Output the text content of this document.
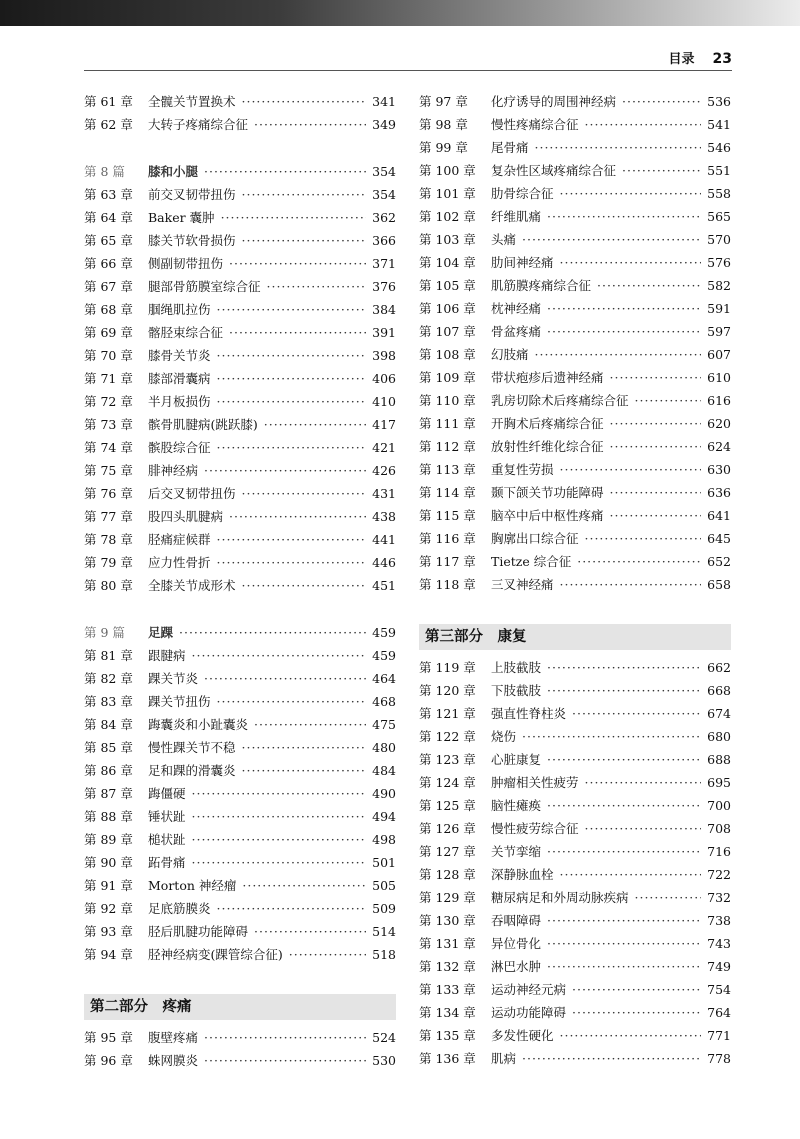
目录 23
第 61 章	全髋关节置换术 ·····	341
第 62 章	大转子疼痛综合征 ·····	349
第 8 篇	膝和小腿 ·····	354
第 63 章	前交叉韧带扭伤 ·····	354
第 64 章	Baker 囊肿 ·····	362
第 65 章	膝关节软骨损伤 ·····	366
第 66 章	侧副韧带扭伤 ·····	371
第 67 章	腿部骨筋膜室综合征 ·····	376
第 68 章	腘绳肌拉伤 ·····	384
第 69 章	髂胫束综合征 ·····	391
第 70 章	膝骨关节炎 ·····	398
第 71 章	膝部滑囊病 ·····	406
第 72 章	半月板损伤 ·····	410
第 73 章	髌骨肌腱病(跳跃膝) ·····	417
第 74 章	髌股综合征 ·····	421
第 75 章	腓神经病 ·····	426
第 76 章	后交叉韧带扭伤 ·····	431
第 77 章	股四头肌腱病 ·····	438
第 78 章	胫痛症候群 ·····	441
第 79 章	应力性骨折 ·····	446
第 80 章	全膝关节成形术 ·····	451
第 9 篇	足踝 ·····	459
第 81 章	跟腱病 ·····	459
第 82 章	踝关节炎 ·····	464
第 83 章	踝关节扭伤 ·····	468
第 84 章	踇囊炎和小趾囊炎 ·····	475
第 85 章	慢性踝关节不稳 ·····	480
第 86 章	足和踝的滑囊炎 ·····	484
第 87 章	踇僵硬 ·····	490
第 88 章	锤状趾 ·····	494
第 89 章	槌状趾 ·····	498
第 90 章	跖骨痛 ·····	501
第 91 章	Morton 神经瘤 ·····	505
第 92 章	足底筋膜炎 ·····	509
第 93 章	胫后肌腱功能障碍 ·····	514
第 94 章	胫神经病变(踝管综合征) ·····	518
第二部分　疼痛
第 95 章	腹壁疼痛 ·····	524
第 96 章	蛛网膜炎 ·····	530
第 97 章	化疗诱导的周围神经病 ·····	536
第 98 章	慢性疼痛综合征 ·····	541
第 99 章	尾骨痛 ·····	546
第 100 章	复杂性区域疼痛综合征 ·····	551
第 101 章	肋骨综合征 ·····	558
第 102 章	纤维肌痛 ·····	565
第 103 章	头痛 ·····	570
第 104 章	肋间神经痛 ·····	576
第 105 章	肌筋膜疼痛综合征 ·····	582
第 106 章	枕神经痛 ·····	591
第 107 章	骨盆疼痛 ·····	597
第 108 章	幻肢痛 ·····	607
第 109 章	带状疱疹后遗神经痛 ·····	610
第 110 章	乳房切除术后疼痛综合征 ·····	616
第 111 章	开胸术后疼痛综合征 ·····	620
第 112 章	放射性纤维化综合征 ·····	624
第 113 章	重复性劳损 ·····	630
第 114 章	颞下颌关节功能障碍 ·····	636
第 115 章	脑卒中后中枢性疼痛 ·····	641
第 116 章	胸廓出口综合征 ·····	645
第 117 章	Tietze 综合征 ·····	652
第 118 章	三叉神经痛 ·····	658
第三部分　康复
第 119 章	上肢截肢 ·····	662
第 120 章	下肢截肢 ·····	668
第 121 章	强直性脊柱炎 ·····	674
第 122 章	烧伤 ·····	680
第 123 章	心脏康复 ·····	688
第 124 章	肿瘤相关性疲劳 ·····	695
第 125 章	脑性瘫痪 ·····	700
第 126 章	慢性疲劳综合征 ·····	708
第 127 章	关节挛缩 ·····	716
第 128 章	深静脉血栓 ·····	722
第 129 章	糖尿病足和外周动脉疾病 ·····	732
第 130 章	吞咽障碍 ·····	738
第 131 章	异位骨化 ·····	743
第 132 章	淋巴水肿 ·····	749
第 133 章	运动神经元病 ·····	754
第 134 章	运动功能障碍 ·····	764
第 135 章	多发性硬化 ·····	771
第 136 章	肌病 ·····	778
